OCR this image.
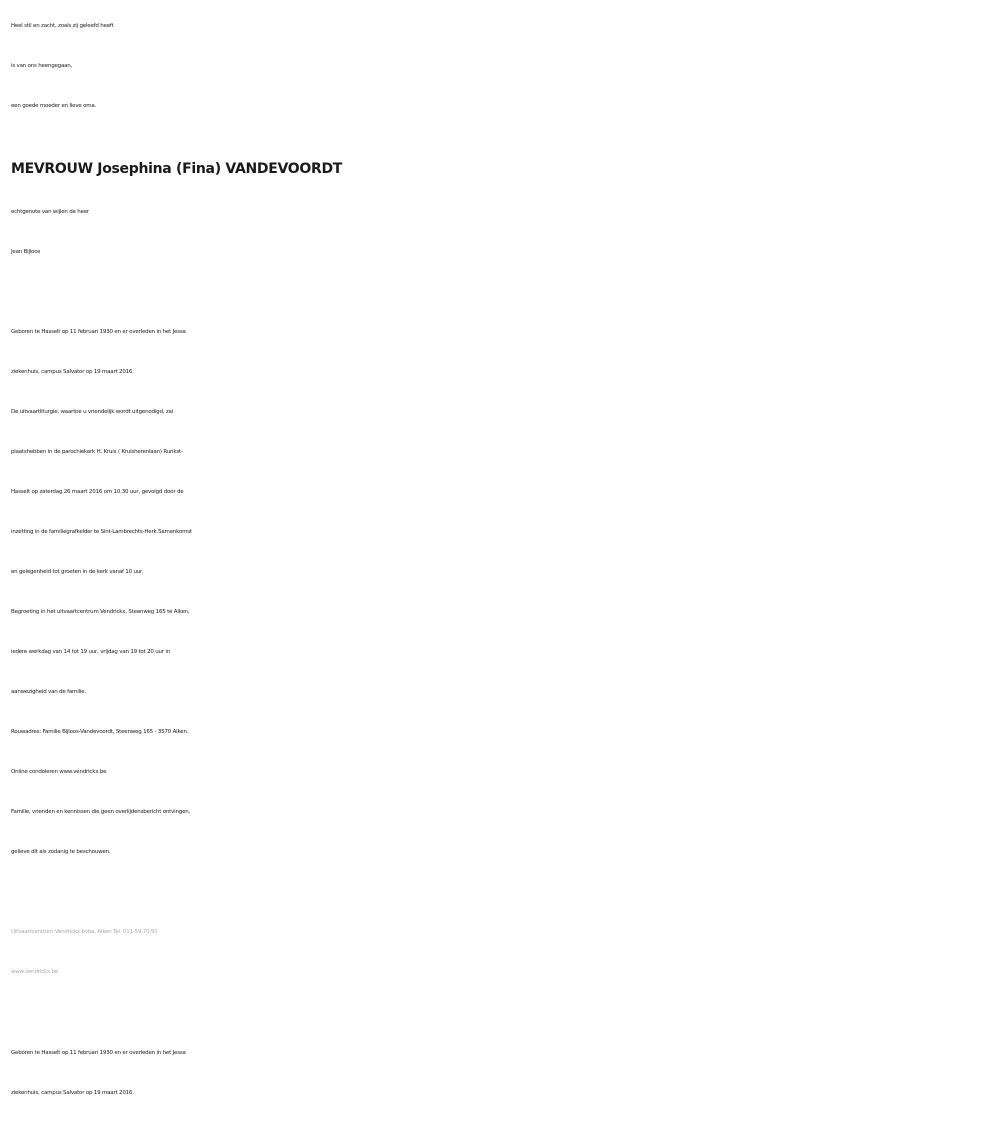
Heel stil en zacht, zoals zij geleefd heeft
is van ons heengegaan,
een goede moeder en lieve oma.
MEVROUW Josephina (Fina) VANDEVOORDT
echtgenote van wijlen de heer
Jean Bijloos
Geboren te Hasselt op 11 februari 1930 en er overleden in het Jessa
ziekenhuis, campus Salvator op 19 maart 2016.
De uitvaartliturgie, waartoe u vriendelijk wordt uitgenodigd, zal
plaatshebben in de parochiekerk H. Kruis ( Kruisherenlaan) Runkst-
Hasselt op zaterdag 26 maart 2016 om 10.30 uur, gevolgd door de
inzetting in de familiegrafkelder te Sint-Lambrechts-Herk.Samenkomst
en gelegenheid tot groeten in de kerk vanaf 10 uur.
Begroeting in het uitvaartcentrum Vendrickx, Steenweg 165 te Alken,
iedere werkdag van 14 tot 19 uur, vrijdag van 19 tot 20 uur in
aanwezigheid van de familie.
Rouwadres: Familie Bijloos-Vandevoordt, Steenweg 165 - 3570 Alken.
Online condoleren www.vendrickx.be
Familie, vrienden en kennissen die geen overlijdensbericht ontvingen,
gelieve dit als zodanig te beschouwen.
Uitvaartcentrum Vendrickx bvba, Alken Tel. 011-59.70.91
www.vendrickx.be
Geboren te Hasselt op 11 februari 1930 en er overleden in het Jessa
ziekenhuis, campus Salvator op 19 maart 2016.
